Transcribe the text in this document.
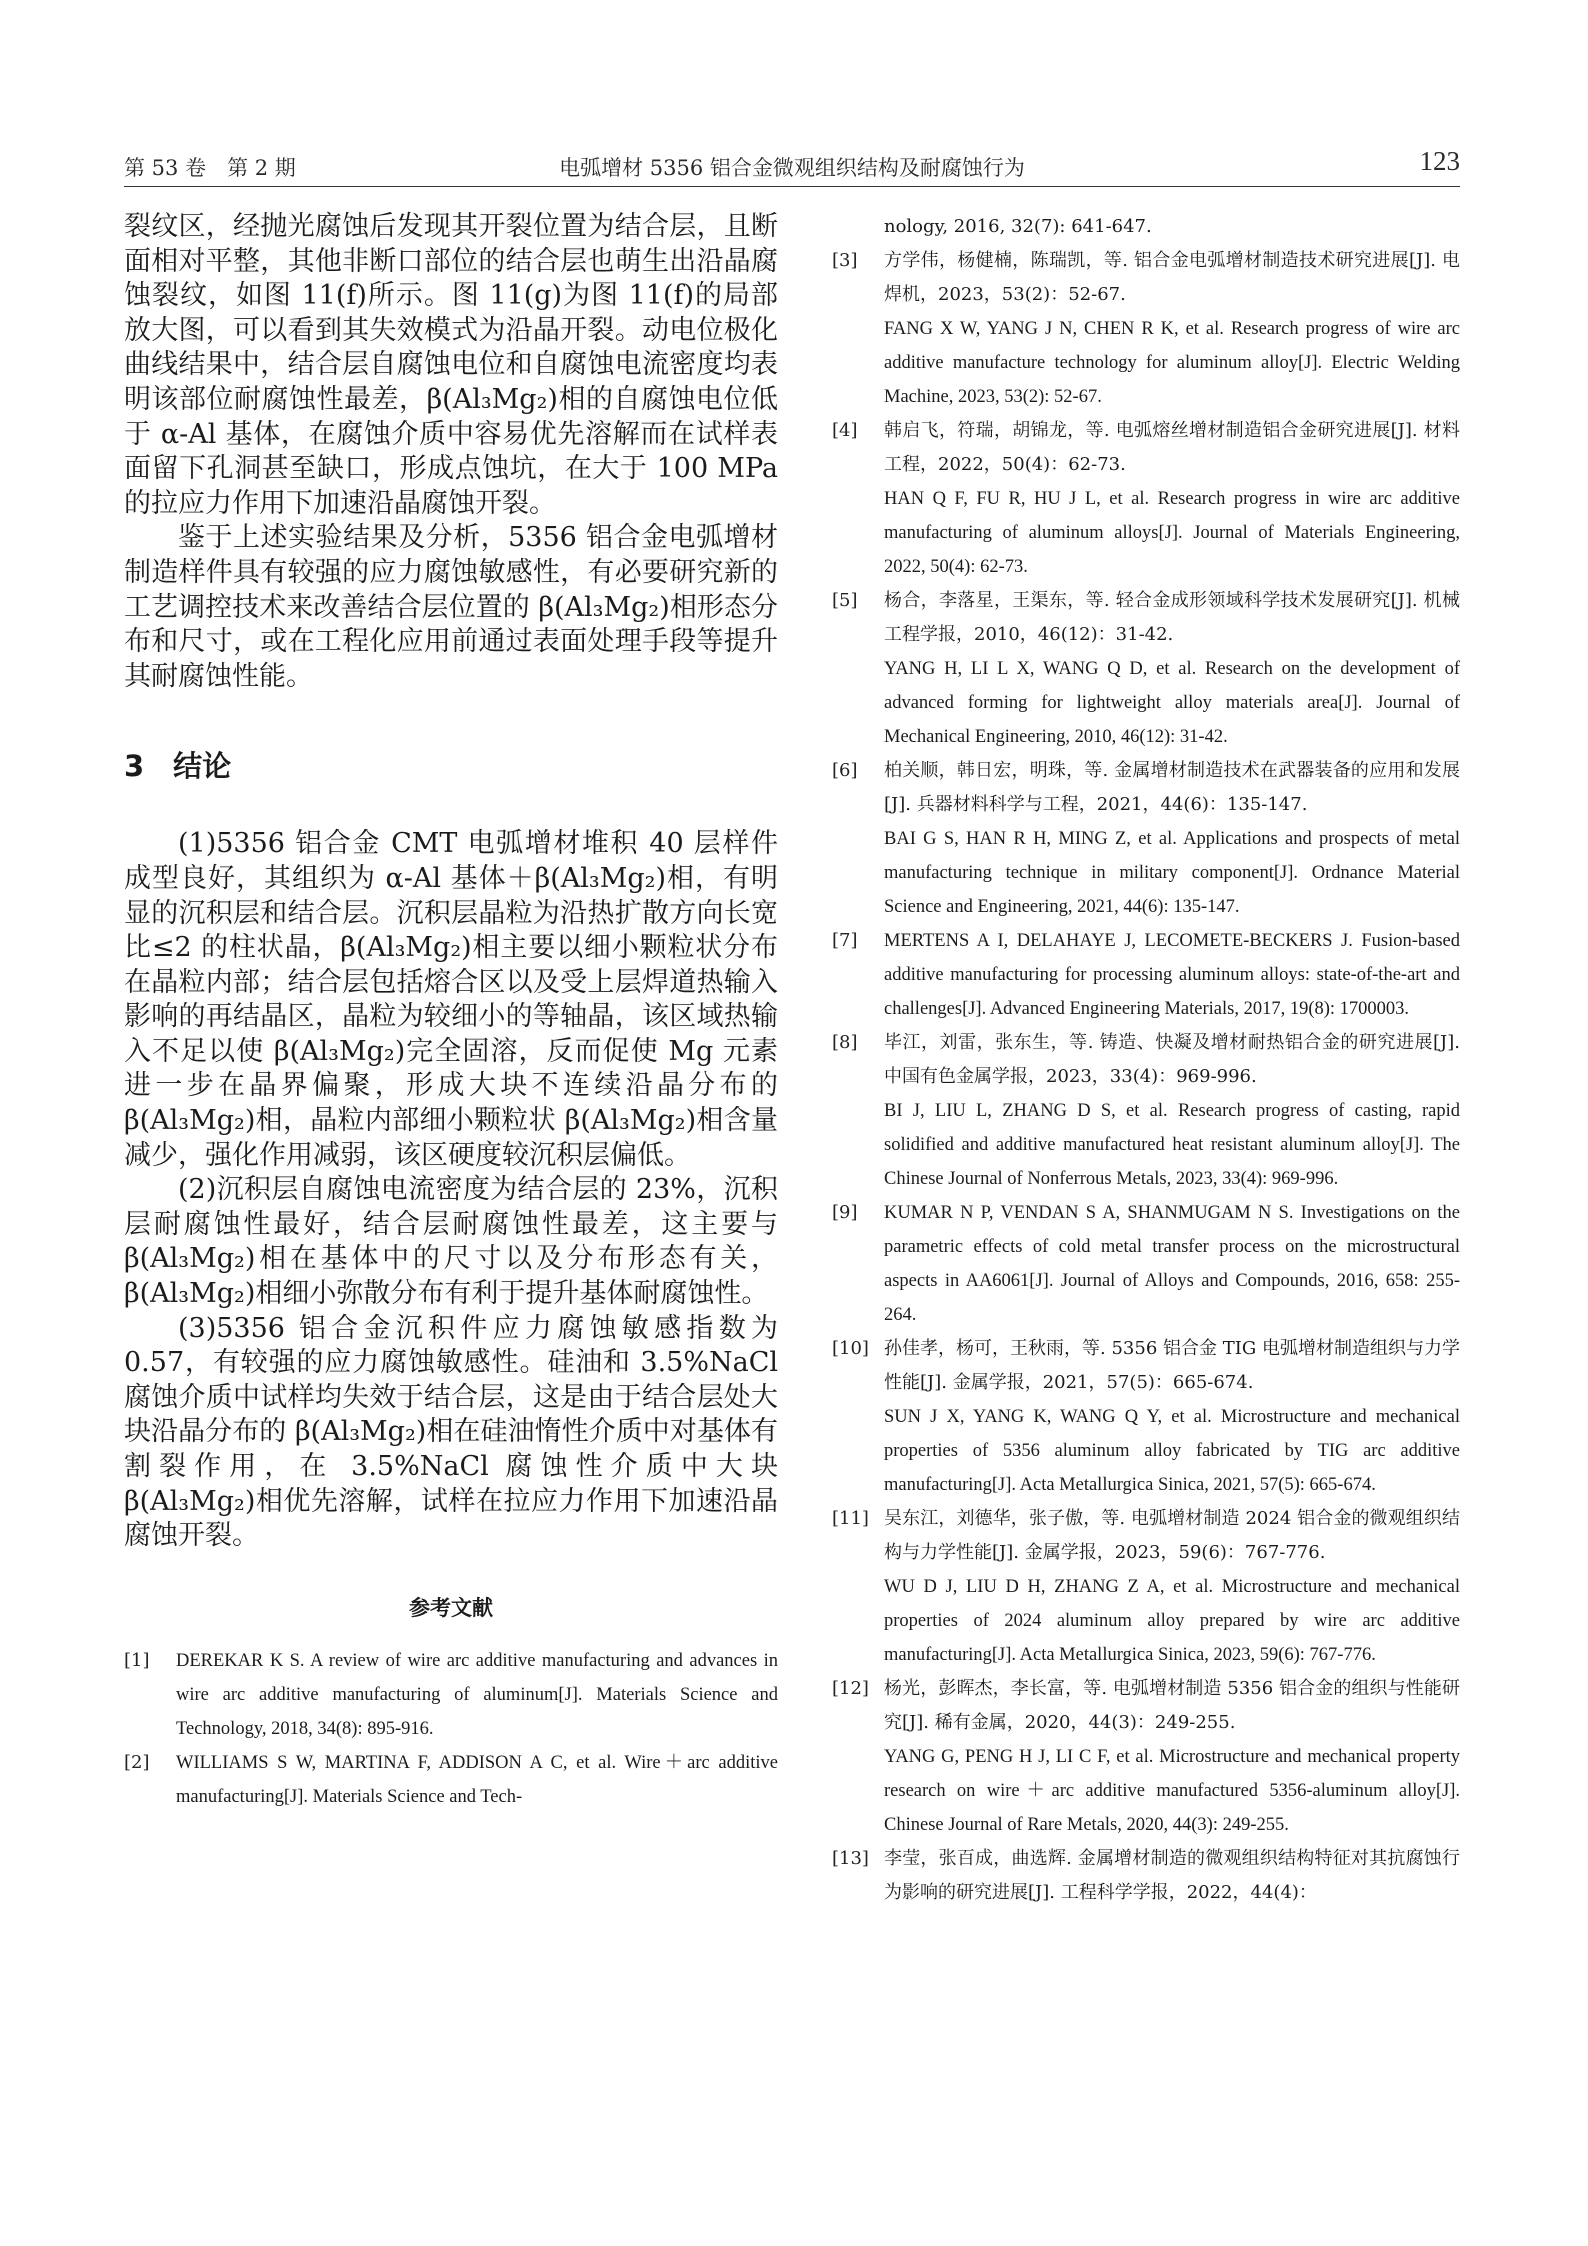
第 53 卷　第 2 期	电弧增材 5356 铝合金微观组织结构及耐腐蚀行为	123

裂纹区，经抛光腐蚀后发现其开裂位置为结合层，且断面相对平整，其他非断口部位的结合层也萌生出沿晶腐蚀裂纹，如图 11(f)所示。图 11(g)为图 11(f)的局部放大图，可以看到其失效模式为沿晶开裂。动电位极化曲线结果中，结合层自腐蚀电位和自腐蚀电流密度均表明该部位耐腐蚀性最差，β(Al₃Mg₂)相的自腐蚀电位低于 α-Al 基体，在腐蚀介质中容易优先溶解而在试样表面留下孔洞甚至缺口，形成点蚀坑，在大于 100 MPa 的拉应力作用下加速沿晶腐蚀开裂。

鉴于上述实验结果及分析，5356 铝合金电弧增材制造样件具有较强的应力腐蚀敏感性，有必要研究新的工艺调控技术来改善结合层位置的 β(Al₃Mg₂)相形态分布和尺寸，或在工程化应用前通过表面处理手段等提升其耐腐蚀性能。

3　结论

(1)5356 铝合金 CMT 电弧增材堆积 40 层样件成型良好，其组织为 α-Al 基体＋β(Al₃Mg₂)相，有明显的沉积层和结合层。沉积层晶粒为沿热扩散方向长宽比≤2 的柱状晶，β(Al₃Mg₂)相主要以细小颗粒状分布在晶粒内部；结合层包括熔合区以及受上层焊道热输入影响的再结晶区，晶粒为较细小的等轴晶，该区域热输入不足以使 β(Al₃Mg₂)完全固溶，反而促使 Mg 元素进一步在晶界偏聚，形成大块不连续沿晶分布的 β(Al₃Mg₂)相，晶粒内部细小颗粒状 β(Al₃Mg₂)相含量减少，强化作用减弱，该区硬度较沉积层偏低。

(2)沉积层自腐蚀电流密度为结合层的 23%，沉积层耐腐蚀性最好，结合层耐腐蚀性最差，这主要与 β(Al₃Mg₂)相在基体中的尺寸以及分布形态有关，β(Al₃Mg₂)相细小弥散分布有利于提升基体耐腐蚀性。

(3)5356 铝合金沉积件应力腐蚀敏感指数为 0.57，有较强的应力腐蚀敏感性。硅油和 3.5%NaCl 腐蚀介质中试样均失效于结合层，这是由于结合层处大块沿晶分布的 β(Al₃Mg₂)相在硅油惰性介质中对基体有割裂作用，在 3.5%NaCl 腐蚀性介质中大块 β(Al₃Mg₂)相优先溶解，试样在拉应力作用下加速沿晶腐蚀开裂。

参考文献

[1]	DEREKAR K S. A review of wire arc additive manufacturing and advances in wire arc additive manufacturing of aluminum[J]. Materials Science and Technology, 2018, 34(8): 895-916.
[2]	WILLIAMS S W, MARTINA F, ADDISON A C, et al. Wire＋arc additive manufacturing[J]. Materials Science and Tech-
nology, 2016, 32(7): 641-647.
[3]	方学伟，杨健楠，陈瑞凯，等. 铝合金电弧增材制造技术研究进展[J]. 电焊机，2023，53(2)：52-67.
FANG X W, YANG J N, CHEN R K, et al. Research progress of wire arc additive manufacture technology for aluminum alloy[J]. Electric Welding Machine, 2023, 53(2): 52-67.
[4]	韩启飞，符瑞，胡锦龙，等. 电弧熔丝增材制造铝合金研究进展[J]. 材料工程，2022，50(4)：62-73.
HAN Q F, FU R, HU J L, et al. Research progress in wire arc additive manufacturing of aluminum alloys[J]. Journal of Materials Engineering, 2022, 50(4): 62-73.
[5]	杨合，李落星，王渠东，等. 轻合金成形领域科学技术发展研究[J]. 机械工程学报，2010，46(12)：31-42.
YANG H, LI L X, WANG Q D, et al. Research on the development of advanced forming for lightweight alloy materials area[J]. Journal of Mechanical Engineering, 2010, 46(12): 31-42.
[6]	柏关顺，韩日宏，明珠，等. 金属增材制造技术在武器装备的应用和发展[J]. 兵器材料科学与工程，2021，44(6)：135-147.
BAI G S, HAN R H, MING Z, et al. Applications and prospects of metal manufacturing technique in military component[J]. Ordnance Material Science and Engineering, 2021, 44(6): 135-147.
[7]	MERTENS A I, DELAHAYE J, LECOMETE-BECKERS J. Fusion-based additive manufacturing for processing aluminum alloys: state-of-the-art and challenges[J]. Advanced Engineering Materials, 2017, 19(8): 1700003.
[8]	毕江，刘雷，张东生，等. 铸造、快凝及增材耐热铝合金的研究进展[J]. 中国有色金属学报，2023，33(4)：969-996.
BI J, LIU L, ZHANG D S, et al. Research progress of casting, rapid solidified and additive manufactured heat resistant aluminum alloy[J]. The Chinese Journal of Nonferrous Metals, 2023, 33(4): 969-996.
[9]	KUMAR N P, VENDAN S A, SHANMUGAM N S. Investigations on the parametric effects of cold metal transfer process on the microstructural aspects in AA6061[J]. Journal of Alloys and Compounds, 2016, 658: 255-264.
[10] 孙佳孝，杨可，王秋雨，等. 5356 铝合金 TIG 电弧增材制造组织与力学性能[J]. 金属学报，2021，57(5)：665-674.
SUN J X, YANG K, WANG Q Y, et al. Microstructure and mechanical properties of 5356 aluminum alloy fabricated by TIG arc additive manufacturing[J]. Acta Metallurgica Sinica, 2021, 57(5): 665-674.
[11] 吴东江，刘德华，张子傲，等. 电弧增材制造 2024 铝合金的微观组织结构与力学性能[J]. 金属学报，2023，59(6)：767-776.
WU D J, LIU D H, ZHANG Z A, et al. Microstructure and mechanical properties of 2024 aluminum alloy prepared by wire arc additive manufacturing[J]. Acta Metallurgica Sinica, 2023, 59(6): 767-776.
[12] 杨光，彭晖杰，李长富，等. 电弧增材制造 5356 铝合金的组织与性能研究[J]. 稀有金属，2020，44(3)：249-255.
YANG G, PENG H J, LI C F, et al. Microstructure and mechanical property research on wire＋arc additive manufactured 5356-aluminum alloy[J]. Chinese Journal of Rare Metals, 2020, 44(3): 249-255.
[13] 李莹，张百成，曲选辉. 金属增材制造的微观组织结构特征对其抗腐蚀行为影响的研究进展[J]. 工程科学学报，2022，44(4)：
